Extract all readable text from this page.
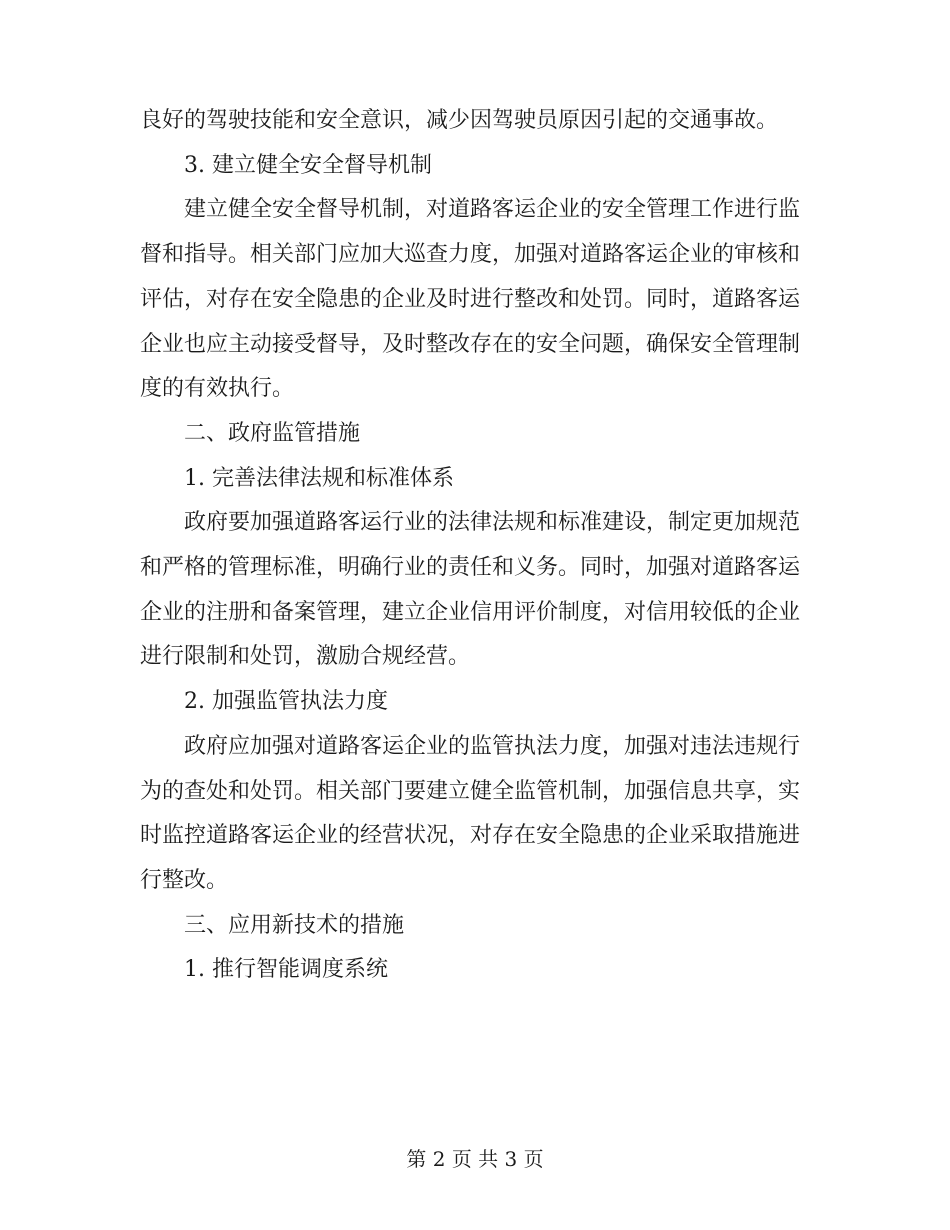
良好的驾驶技能和安全意识，减少因驾驶员原因引起的交通事故。

3. 建立健全安全督导机制

建立健全安全督导机制，对道路客运企业的安全管理工作进行监督和指导。相关部门应加大巡查力度，加强对道路客运企业的审核和评估，对存在安全隐患的企业及时进行整改和处罚。同时，道路客运企业也应主动接受督导，及时整改存在的安全问题，确保安全管理制度的有效执行。

二、政府监管措施

1. 完善法律法规和标准体系

政府要加强道路客运行业的法律法规和标准建设，制定更加规范和严格的管理标准，明确行业的责任和义务。同时，加强对道路客运企业的注册和备案管理，建立企业信用评价制度，对信用较低的企业进行限制和处罚，激励合规经营。

2. 加强监管执法力度

政府应加强对道路客运企业的监管执法力度，加强对违法违规行为的查处和处罚。相关部门要建立健全监管机制，加强信息共享，实时监控道路客运企业的经营状况，对存在安全隐患的企业采取措施进行整改。

三、应用新技术的措施

1. 推行智能调度系统

第 2 页 共 3 页
